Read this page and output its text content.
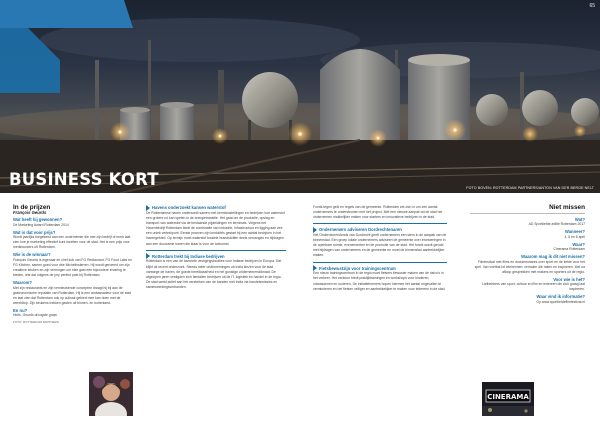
65
BUSINESS KORT	FOTO BOVEN: ROTTERDAM PARTNERS/ANTON VAN DER BERGE NELT
In de prijzen
François Geurds
Wat heeft hij gewonnen?

De Marketing Award Rotterdam 2014

Wat is dat voor prijs?

Wordt jaarlijks toegekend aan een ondernemer die met zijn bedrijf of merk laat zien hoe je marketing effectief kunt inzetten voor de stad. Het is een prijs voor merkbouwers uit Rotterdam.

Wie is de winnaar?

François Geurds is eigenaar en chef-kok van FG Restaurant, FG Food Labs en FG Kitchen, samen goed voor drie Michelinsterren. Hij wordt geroemd om zijn creatieve keuken en zijn vermogen om elke gast een bijzondere ervaring te bieden, iets dat volgens de jury perfect past bij Rotterdam.

Waarom?

Met zijn restaurants en zijn vernieuwende concepten draagt hij bij aan de gastronomische reputatie van Rotterdam. Hij is een ambassadeur voor de stad en laat zien dat Rotterdam ook op culinair gebied mee kan doen met de wereldtop. Zijn keukens trekken gasten uit binnen- en buitenland.

En nu?

Hints, Geurds droogste grapt.

FOTO: ROTTERDAM PARTNERS
Havens onderzoekt kansen waterstof

De Rotterdamse haven onderzoekt samen met kennisinstellingen en bedrijven hoe waterstof een grotere rol kan spelen in de energietransitie. Het gaat om de productie, opslag en transport van waterstof via de bestaande pijpleidingen en terminals. Volgens het Havenbedrijf Rotterdam biedt de combinatie van industrie, infrastructuur en ligging aan zee een uniek vertrekpunt. Eerste proeven zijn inmiddels gestart bij een aantal bedrijven in het havengebied. Op termijn moet waterstof fossiele brandstoffen deels vervangen en bijdragen aan een duurzame haven die klaar is voor de toekomst.

Rotterdam trekt bij Indiase bedrijven

Rotterdam is een van de favoriete vestigingslocaties voor Indiase bedrijven in Europa. Dat blijkt uit recent onderzoek. Steeds meer ondernemingen uit India kiezen voor de stad vanwege de haven, de goede bereikbaarheid en het gunstige ondernemersklimaat. De afgelopen jaren vestigden zich tientallen bedrijven uit de IT, logistiek en handel in de regio. De stad werkt actief aan het versterken van de banden met India via handelsmissies en samenwerkingsverbanden.

Fonds tegen geld en regels van de gemeente. Rotterdam zet zich in om een aantal ondernemers te ondersteunen met het project. Met een nieuwe aanpak wil de stad het ondernemen makkelijker maken voor starters en innovatieve bedrijven in de stad.

Ondernemers adviseren Dordrechtenaren

Het Ondernemersfonds van Dordrecht geeft ondernemers een stem in de aanpak van de binnenstad. Een groep lokale ondernemers adviseert de gemeente over investeringen in de openbare ruimte, evenementen en de promotie van de stad. Het fonds wordt gevuld met bijdragen van ondernemers en de gemeente en moet de binnenstad aantrekkelijker maken.

Fietsbewustzijn voor trainingscentrum

Een nieuw trainingscentrum in de regio moet fietsers bewuster maken van de risico's in het verkeer. Het centrum biedt praktijktrainingen en workshops voor kinderen, volwassenen en ouderen. De initiatiefnemers hopen hiermee het aantal ongevallen te verminderen en het fietsen veiliger en aantrekkelijker te maken voor iedereen in de stad.

Niet missen
Wat?

AD Sportliefde-editie Rotterdam 2017

Wanneer?

4, 5 en 6 april

Waar?

Cinerama Rotterdam

Waarom mag ik dit niet missen?

Filmfestival met films en documentaires over sport en de liefde voor het spel. Van voetbal tot wielrennen: verhalen die raken en inspireren. Met na afloop gesprekken met makers en sporters uit de regio.

Voor wie is het?

Liefhebbers van sport, cultuur en film en iedereen die zich graag laat inspireren.

Waar vind ik informatie?

Op www.sportliefdefilmfestival.nl

CINERAMA
